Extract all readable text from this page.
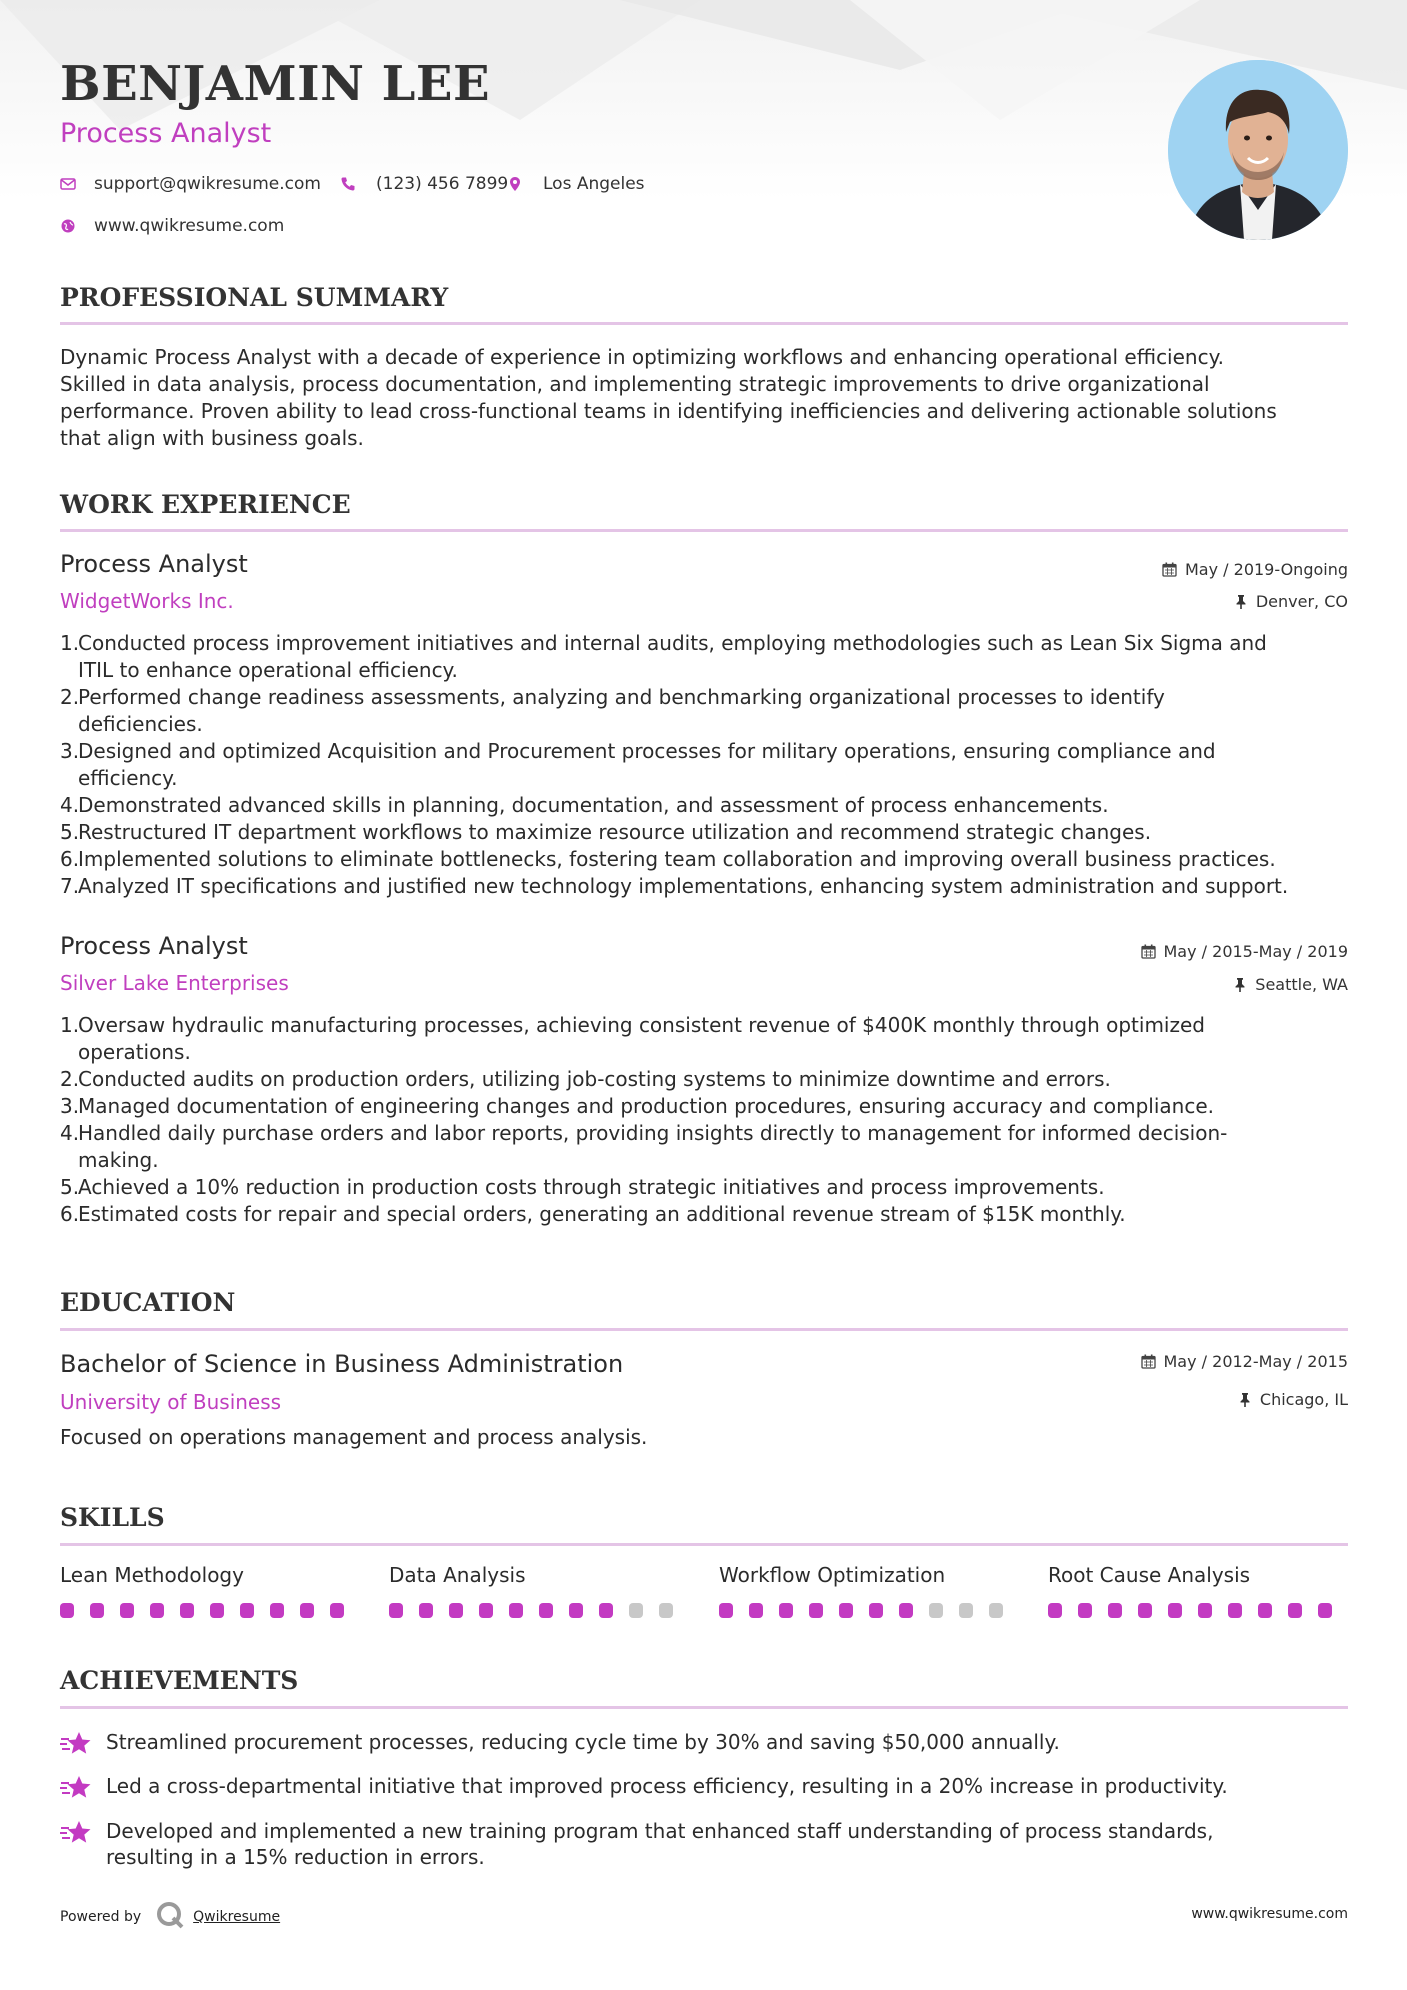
BENJAMIN LEE
Process Analyst
support@qwikresume.com	(123) 456 7899 Los Angeles
www.qwikresume.com
PROFESSIONAL SUMMARY
Dynamic Process Analyst with a decade of experience in optimizing workflows and enhancing operational efficiency.
Skilled in data analysis, process documentation, and implementing strategic improvements to drive organizational
performance. Proven ability to lead cross-functional teams in identifying inefficiencies and delivering actionable solutions
that align with business goals.
WORK EXPERIENCE
Process Analyst
WidgetWorks Inc.
May / 2019-Ongoing
Denver, CO
1.
Conducted process improvement initiatives and internal audits, employing methodologies such as Lean Six Sigma and
ITIL to enhance operational efficiency.
2.
Performed change readiness assessments, analyzing and benchmarking organizational processes to identify
deficiencies.
3.
Designed and optimized Acquisition and Procurement processes for military operations, ensuring compliance and
efficiency.
4.
Demonstrated advanced skills in planning, documentation, and assessment of process enhancements.
5.
Restructured IT department workflows to maximize resource utilization and recommend strategic changes.
6.
Implemented solutions to eliminate bottlenecks, fostering team collaboration and improving overall business practices.
7.
Analyzed IT specifications and justified new technology implementations, enhancing system administration and support.
Process Analyst
Silver Lake Enterprises
May / 2015-May / 2019
Seattle, WA
1.
Oversaw hydraulic manufacturing processes, achieving consistent revenue of $400K monthly through optimized
operations.
2.
Conducted audits on production orders, utilizing job-costing systems to minimize downtime and errors.
3.
Managed documentation of engineering changes and production procedures, ensuring accuracy and compliance.
4.
Handled daily purchase orders and labor reports, providing insights directly to management for informed decision-
making.
5.
Achieved a 10% reduction in production costs through strategic initiatives and process improvements.
6.
Estimated costs for repair and special orders, generating an additional revenue stream of $15K monthly.
EDUCATION
Bachelor of Science in Business Administration
University of Business
May / 2012-May / 2015
Chicago, IL
Focused on operations management and process analysis.
SKILLS
Lean Methodology	Data Analysis	Workflow Optimization	Root Cause Analysis
ACHIEVEMENTS
Streamlined procurement processes, reducing cycle time by 30% and saving $50,000 annually.
Led a cross-departmental initiative that improved process efficiency, resulting in a 20% increase in productivity.
Developed and implemented a new training program that enhanced staff understanding of process standards,
resulting in a 15% reduction in errors.
Powered by	Qwikresume	www.qwikresume.com
